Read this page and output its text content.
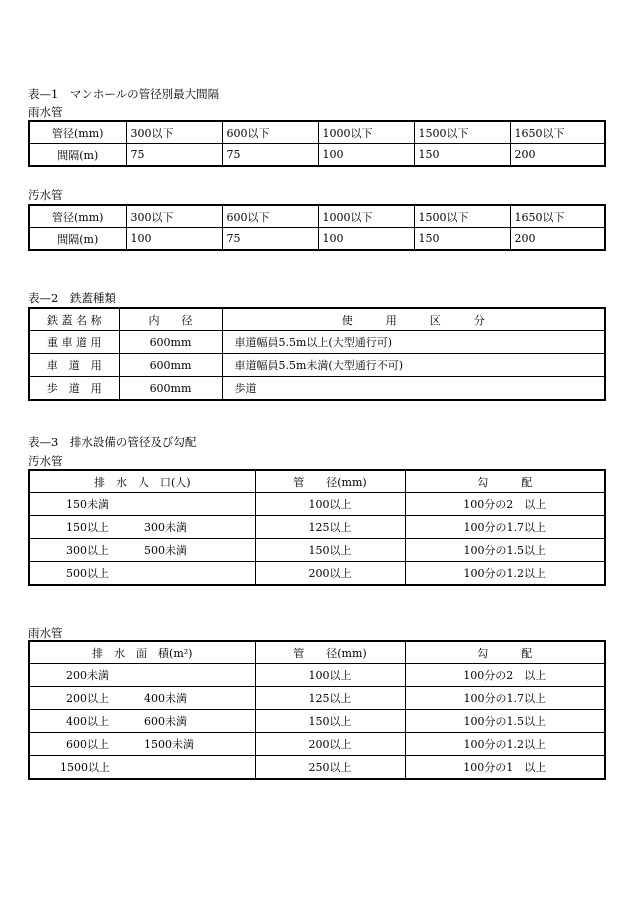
表—1　マンホールの管径別最大間隔
雨水管
管径(mm)	300以下	600以下	1000以下	1500以下	1650以下
間隔(m)	75	75	100	150	200
汚水管
管径(mm)	300以下	600以下	1000以下	1500以下	1650以下
間隔(m)	100	75	100	150	200
表—2　鉄蓋種類
鉄 蓋 名 称	内　　径	使　　　用　　　区　　　分
重 車 道 用	600mm	車道幅員5.5m以上(大型通行可)
車　道　用	600mm	車道幅員5.5m未満(大型通行不可)
歩　道　用	600mm	歩道
表—3　排水設備の管径及び勾配
汚水管
排　水　人　口(人)	管　　径(mm)	勾　　　配

150未満	100以上	100分の2　以上

150以上 300未満	125以上	100分の1.7以上

300以上 500未満	150以上	100分の1.5以上

500以上	200以上	100分の1.2以上
雨水管
排　水　面　積(m²)	管　　径(mm)	勾　　　配

200未満	100以上	100分の2　以上

200以上 400未満	125以上	100分の1.7以上

400以上 600未満	150以上	100分の1.5以上

600以上 1500未満	200以上	100分の1.2以上

1500以上	250以上	100分の1　以上
